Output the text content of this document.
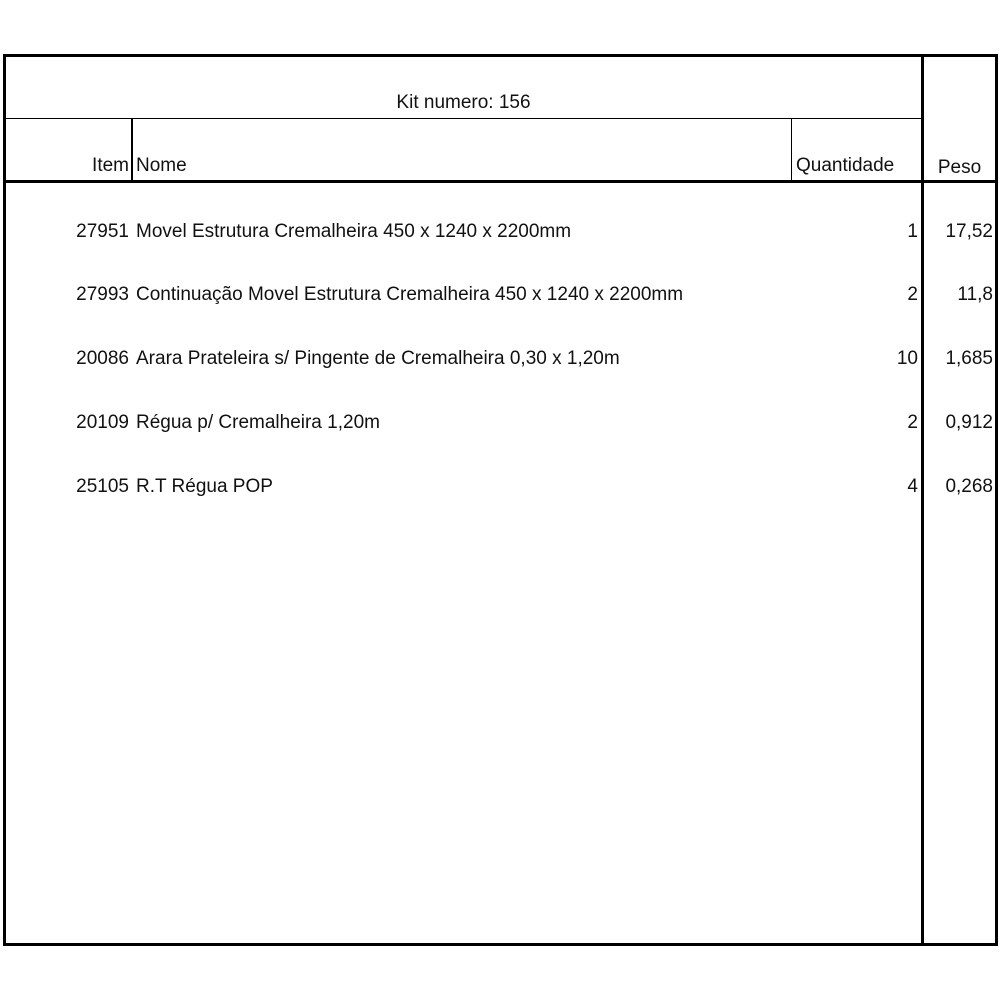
Kit numero: 156
Item Nome	Quantidade	Peso
27951 Movel Estrutura Cremalheira 450 x 1240 x 2200mm	1	17,52
27993 Continuação Movel Estrutura Cremalheira 450 x 1240 x 2200mm	2	11,8
20086 Arara Prateleira s/ Pingente de Cremalheira 0,30 x 1,20m	10	1,685
20109 Régua p/ Cremalheira 1,20m	2	0,912
25105 R.T Régua POP	4	0,268
